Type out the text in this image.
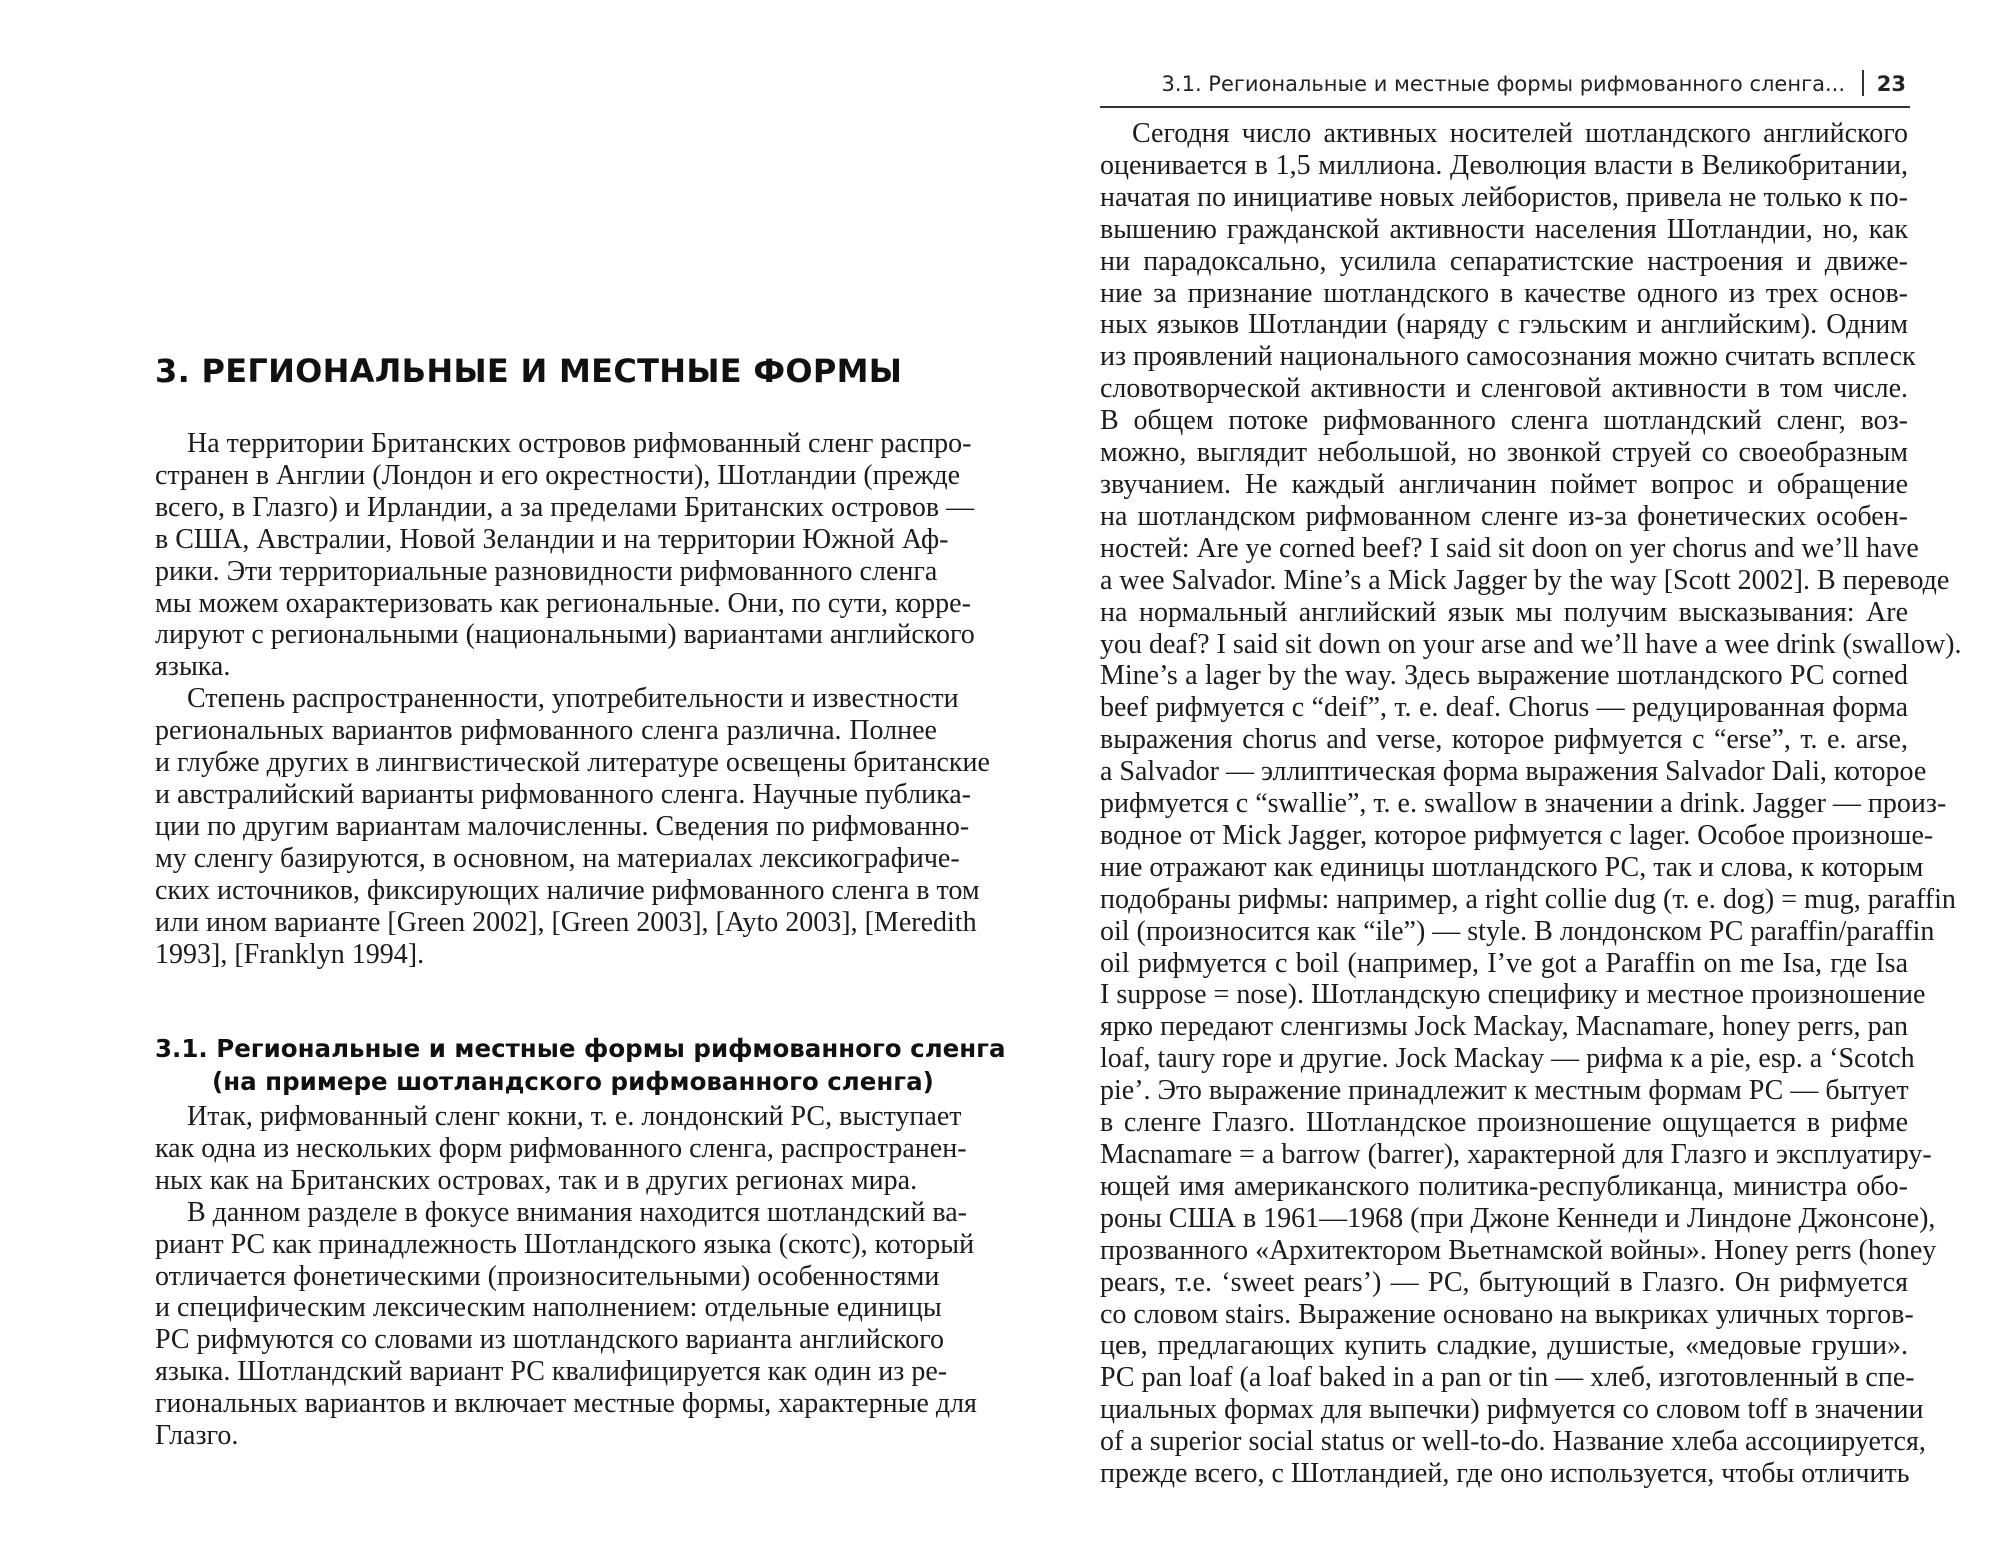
3. РЕГИОНАЛЬНЫЕ И МЕСТНЫЕ ФОРМЫ
На территории Британских островов рифмованный сленг распро-
странен в Англии (Лондон и его окрестности), Шотландии (прежде
всего, в Глазго) и Ирландии, а за пределами Британских островов —
в США, Австралии, Новой Зеландии и на территории Южной Аф-
рики. Эти территориальные разновидности рифмованного сленга
мы можем охарактеризовать как региональные. Они, по сути, корре-
лируют с региональными (национальными) вариантами английского
языка.
Степень распространенности, употребительности и известности
региональных вариантов рифмованного сленга различна. Полнее
и глубже других в лингвистической литературе освещены британские
и австралийский варианты рифмованного сленга. Научные публика-
ции по другим вариантам малочисленны. Сведения по рифмованно-
му сленгу базируются, в основном, на материалах лексикографиче-
ских источников, фиксирующих наличие рифмованного сленга в том
или ином варианте [Green 2002], [Green 2003], [Ayto 2003], [Meredith
1993], [Franklyn 1994].
3.1. Региональные и местные формы рифмованного сленга
(на примере шотландского рифмованного сленга)
Итак, рифмованный сленг кокни, т. е. лондонский РС, выступает
как одна из нескольких форм рифмованного сленга, распространен-
ных как на Британских островах, так и в других регионах мира.
В данном разделе в фокусе внимания находится шотландский ва-
риант РС как принадлежность Шотландского языка (скотс), который
отличается фонетическими (произносительными) особенностями
и специфическим лексическим наполнением: отдельные единицы
РС рифмуются со словами из шотландского варианта английского
языка. Шотландский вариант РС квалифицируется как один из ре-
гиональных вариантов и включает местные формы, характерные для
Глазго.
3.1. Региональные и местные формы рифмованного сленга... 23
Сегодня число активных носителей шотландского английского
оценивается в 1,5 миллиона. Деволюция власти в Великобритании,
начатая по инициативе новых лейбористов, привела не только к по-
вышению гражданской активности населения Шотландии, но, как
ни парадоксально, усилила сепаратистские настроения и движе-
ние за признание шотландского в качестве одного из трех основ-
ных языков Шотландии (наряду с гэльским и английским). Одним
из проявлений национального самосознания можно считать всплеск
словотворческой активности и сленговой активности в том числе.
В общем потоке рифмованного сленга шотландский сленг, воз-
можно, выглядит небольшой, но звонкой струей со своеобразным
звучанием. Не каждый англичанин поймет вопрос и обращение
на шотландском рифмованном сленге из-за фонетических особен-
ностей: Are ye corned beef? I said sit doon on yer chorus and we’ll have
a wee Salvador. Mine’s a Mick Jagger by the way [Scott 2002]. В переводе
на нормальный английский язык мы получим высказывания: Are
you deaf? I said sit down on your arse and we’ll have a wee drink (swallow).
Mine’s a lager by the way. Здесь выражение шотландского РС corned
beef рифмуется с “deif”, т. е. deaf. Chorus — редуцированная форма
выражения chorus and verse, которое рифмуется с “erse”, т. е. arse,
a Salvador — эллиптическая форма выражения Salvador Dali, которое
рифмуется с “swallie”, т. е. swallow в значении a drink. Jagger — произ-
водное от Mick Jagger, которое рифмуется с lager. Особое произноше-
ние отражают как единицы шотландского РС, так и слова, к которым
подобраны рифмы: например, a right collie dug (т. е. dog) = mug, paraffin
oil (произносится как “ile”) — style. В лондонском РС paraffin/paraffin
oil рифмуется с boil (например, I’ve got a Paraffin on me Isa, где Isa
I suppose = nose). Шотландскую специфику и местное произношение
ярко передают сленгизмы Jock Mackay, Macnamare, honey perrs, pan
loaf, taury rope и другие. Jock Mackay — рифма к a pie, esp. a ‘Scotch
pie’. Это выражение принадлежит к местным формам РС — бытует
в сленге Глазго. Шотландское произношение ощущается в рифме
Macnamare = a barrow (barrer), характерной для Глазго и эксплуатиру-
ющей имя американского политика-республиканца, министра обо-
роны США в 1961—1968 (при Джоне Кеннеди и Линдоне Джонсоне),
прозванного «Архитектором Вьетнамской войны». Honey perrs (honey
pears, т.е. ‘sweet pears’) — РС, бытующий в Глазго. Он рифмуется
со словом stairs. Выражение основано на выкриках уличных торгов-
цев, предлагающих купить сладкие, душистые, «медовые груши».
РС pan loaf (a loaf baked in a pan or tin — хлеб, изготовленный в спе-
циальных формах для выпечки) рифмуется со словом toff в значении
of a superior social status or well-to-do. Название хлеба ассоциируется,
прежде всего, с Шотландией, где оно используется, чтобы отличить
